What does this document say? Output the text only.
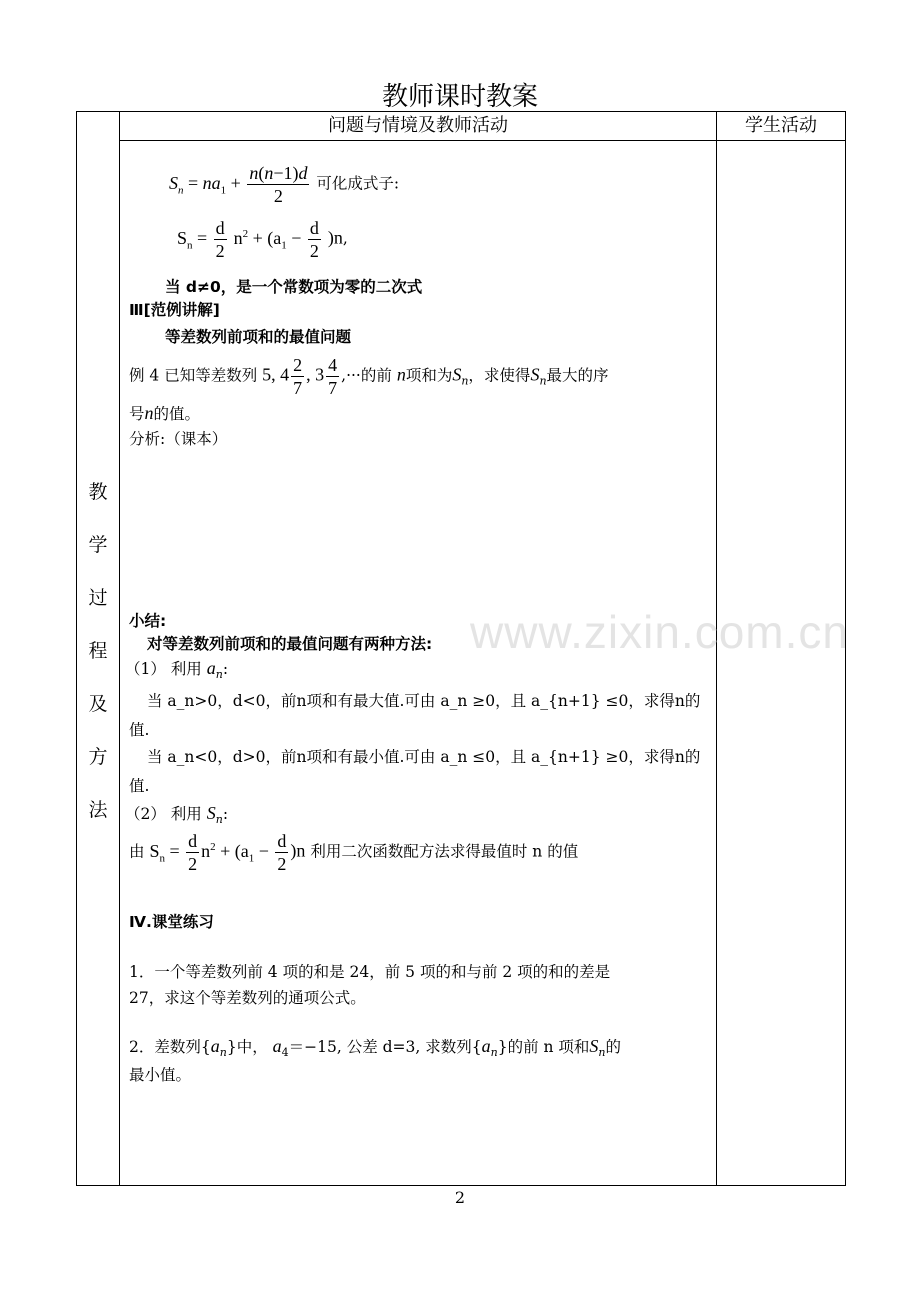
教师课时教案
问题与情境及教师活动	学生活动
教
学
过
程
及
方
法
$S_n = na_1 + \frac{n(n-1)d}{2}$ 可化成式子:
$S_n = \frac{d}{2} n^2 + (a_1 - \frac{d}{2} )n$,
当 d≠0，是一个常数项为零的二次式
Ⅲ[范例讲解]
等差数列前项和的最值问题
例 4 已知等差数列 5, $4 \frac{2}{7}$ , $3 \frac{4}{7}$ ,···的前 n项和为$S_n$，求使得$S_n$最大的序
号n的值。
分析:（课本）
小结:
对等差数列前项和的最值问题有两种方法:
（1） 利用 $a_n$:
当 a_n>0，d<0，前n项和有最大值.可由 a_n ≥0，且 a_{n+1} ≤0，求得n的
值.
当 a_n<0，d>0，前n项和有最小值.可由 a_n ≤0，且 a_{n+1} ≥0，求得n的
值.
（2） 利用 $S_n$:
由 $S_n = \frac{d}{2} n^2 + (a_1 - \frac{d}{2} )n$ 利用二次函数配方法求得最值时 n 的值
Ⅳ.课堂练习
1．一个等差数列前 4 项的和是 24，前 5 项的和与前 2 项的和的差是
27，求这个等差数列的通项公式。
2．差数列$\{a_n\}$中， $a_4=-15$, 公差 d=3, 求数列$\{a_n\}$的前 n 项和$S_n$的
最小值。
www.zixin.com.cn
2
